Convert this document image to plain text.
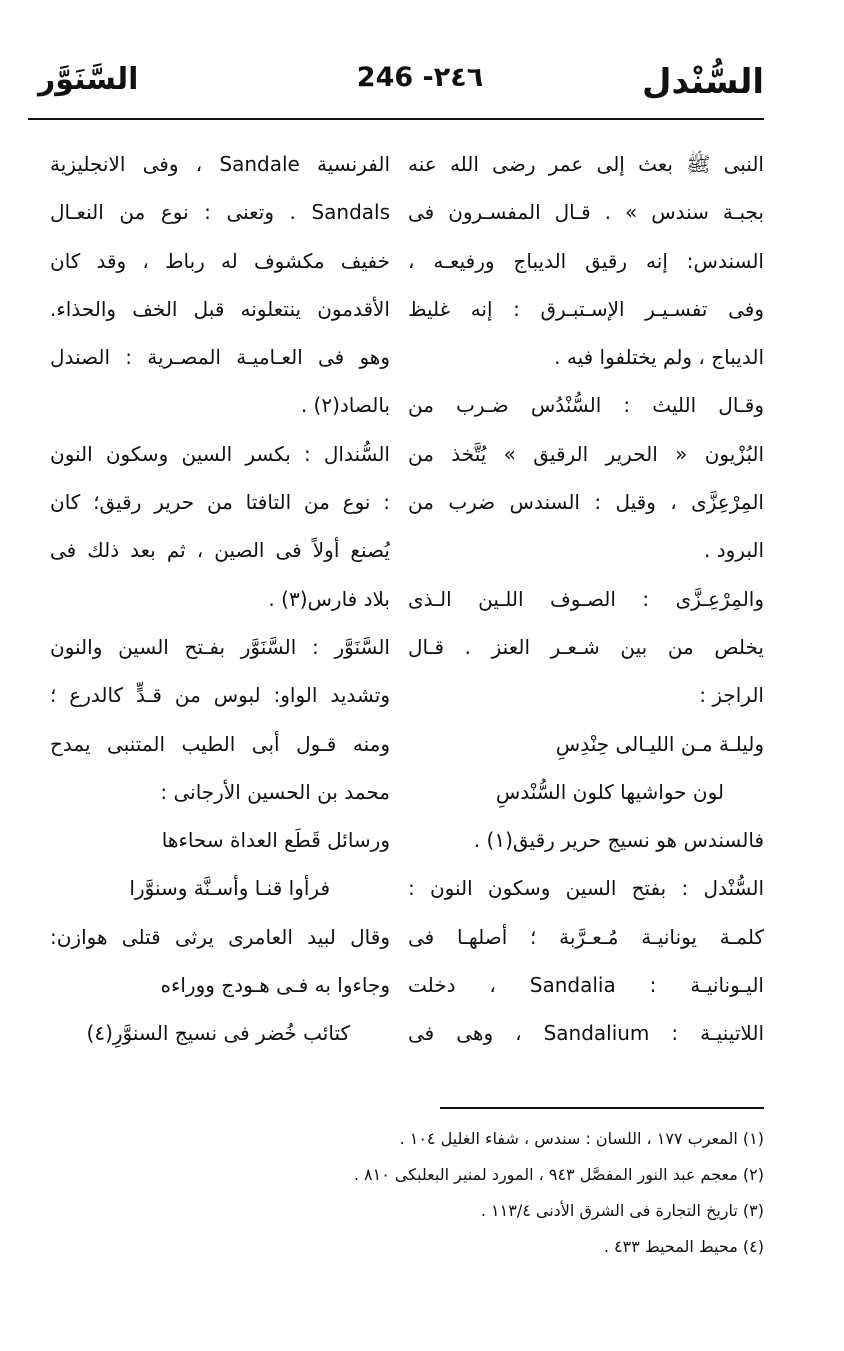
السُّنْدل
246 -٢٤٦
السَّنَوَّر
النبى ﷺ بعث إلى عمر رضى الله عنه
بجبـة سندس » . قـال المفسـرون فى
السندس: إنه رقيق الديباج ورفيعـه ،
وفى تفسـيـر الإسـتبـرق : إنه غليظ
الديباج ، ولم يختلفوا فيه .
وقـال الليث : السُّنْدُس ضـرب من
البُزْيون « الحرير الرقيق » يُتَّخذ من
المِرْعِزَّى ، وقيل : السندس ضرب من
البرود .
والمِرْعِـزَّى : الصـوف اللـين الـذى
يخلص من بين شـعـر العنز . قـال
الراجز :
وليلـة مـن الليـالى حِنْدِسِ
لون حواشيها كلون السُّنْدسِ
فالسندس هو نسيج حرير رقيق(١) .
السُّنْدل : بفتح السين وسكون النون :
كلمـة يونانيـة مُـعـرَّبة ؛ أصلهـا فى
اليـونانيـة : Sandalia ، دخلت
اللاتينيـة : Sandalium ، وهى فى
الفرنسية Sandale ، وفى الانجليزية
Sandals . وتعنى : نوع من النعـال
خفيف مكشوف له رباط ، وقد كان
الأقدمون ينتعلونه قبل الخف والحذاء.
وهو فى العـاميـة المصـرية : الصندل
بالصاد(٢) .
السُّندال : بكسر السين وسكون النون
: نوع من التافتا من حرير رقيق؛ كان
يُصنع أولاً فى الصين ، ثم بعد ذلك فى
بلاد فارس(٣) .
السَّنَوَّر : السَّنَوَّر بفـتح السين والنون
وتشديد الواو: لبوس من قـدٍّ كالدرع ؛
ومنه قـول أبى الطيب المتنبى يمدح
محمد بن الحسين الأرجانى :
ورسائل قَطَع العداة سحاءها
فرأوا قنـا وأسـنَّة وسنوَّرا
وقال لبيد العامرى يرثى قتلى هوازن:
وجاءوا به فـى هـودج ووراءه
كتائب خُضر فى نسيج السنوَّرِ(٤)
(١) المعرب ١٧٧ ، اللسان : سندس ، شفاء الغليل ١٠٤ .
(٢) معجم عبد النور المفصَّل ٩٤٣ ، المورد لمنير البعلبكى ٨١٠ .
(٣) تاريخ التجارة فى الشرق الأدنى ١١٣/٤ .
(٤) محيط المحيط ٤٣٣ .
